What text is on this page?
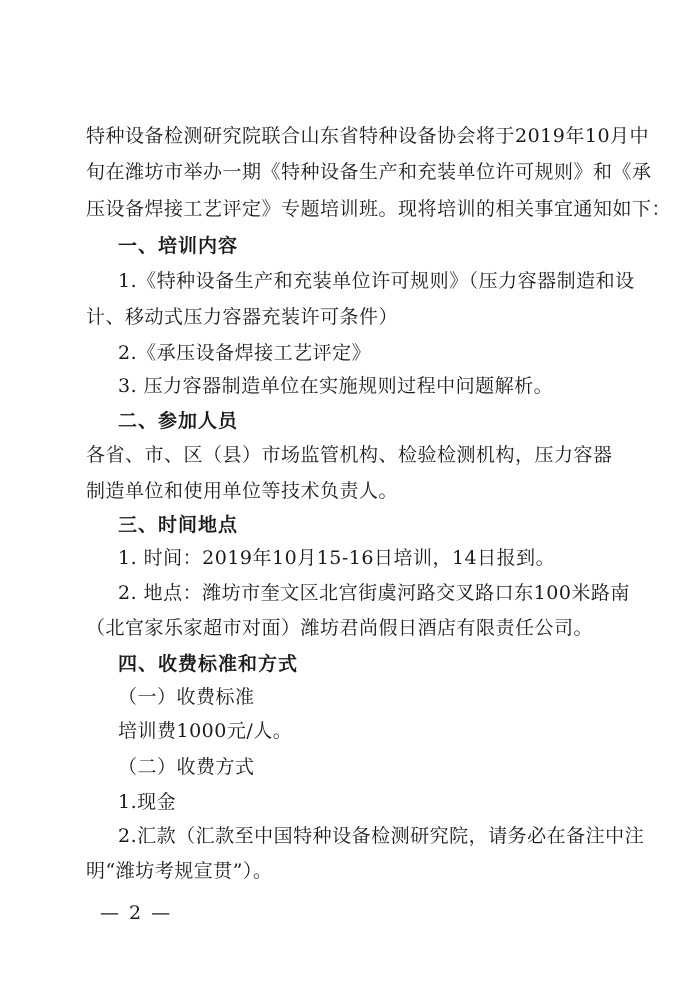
特种设备检测研究院联合山东省特种设备协会将于2019年10月中
旬在潍坊市举办一期《特种设备生产和充装单位许可规则》和《承
压设备焊接工艺评定》专题培训班。现将培训的相关事宜通知如下：
一、培训内容
1.《特种设备生产和充装单位许可规则》（压力容器制造和设
计、移动式压力容器充装许可条件）
2.《承压设备焊接工艺评定》
3. 压力容器制造单位在实施规则过程中问题解析。
二、参加人员
各省、市、区（县）市场监管机构、检验检测机构，压力容器
制造单位和使用单位等技术负责人。
三、时间地点
1. 时间：2019年10月15-16日培训，14日报到。
2. 地点：潍坊市奎文区北宫街虞河路交叉路口东100米路南
（北官家乐家超市对面）潍坊君尚假日酒店有限责任公司。
四、收费标准和方式
（一）收费标准
培训费1000元/人。
（二）收费方式
1.现金
2.汇款（汇款至中国特种设备检测研究院，请务必在备注中注
明“潍坊考规宣贯”）。
— 2 —
